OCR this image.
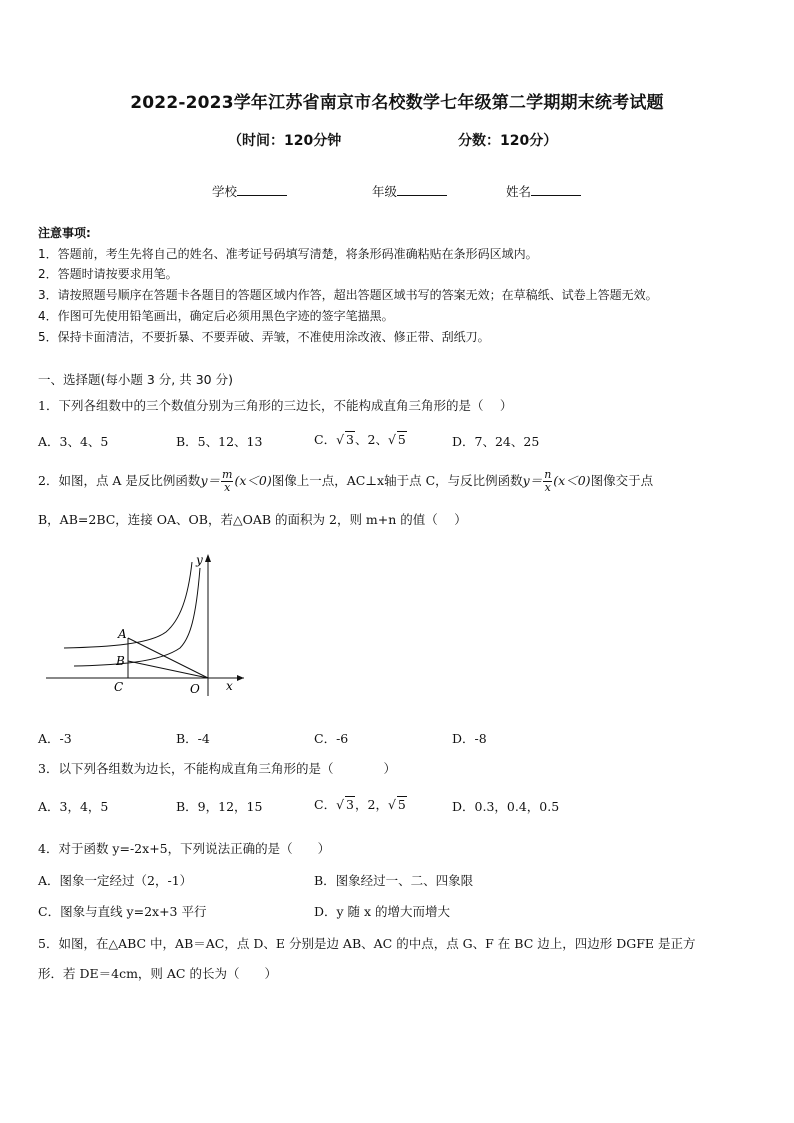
2022-2023学年江苏省南京市名校数学七年级第二学期期末统考试题
（时间：120分钟	分数：120分）
学校	年级	姓名
注意事项:
1．答题前，考生先将自己的姓名、准考证号码填写清楚，将条形码准确粘贴在条形码区域内。
2．答题时请按要求用笔。
3．请按照题号顺序在答题卡各题目的答题区域内作答，超出答题区域书写的答案无效；在草稿纸、试卷上答题无效。
4．作图可先使用铅笔画出，确定后必须用黑色字迹的签字笔描黑。
5．保持卡面清洁，不要折暴、不要弄破、弄皱，不准使用涂改液、修正带、刮纸刀。
一、选择题(每小题 3 分, 共 30 分)
1．下列各组数中的三个数值分别为三角形的三边长，不能构成直角三角形的是（　 ）
A．3、4、5	B．5、12、13	C．√ 3、2、√ 5	D．7、24、25
2．如图，点 A 是反比例函数$y= \frac{m}{x} (x<0)$图像上一点，AC⊥x轴于点 C，与反比例函数$y= \frac{n}{x} (x<0)$图像交于点
B，AB=2BC，连接 OA、OB，若△OAB 的面积为 2，则 m+n 的值（　 ）
A
B
C	O x
y
A．-3	B．-4	C．-6	D．-8
3．以下列各组数为边长，不能构成直角三角形的是（　　　　）
A．3，4，5	B．9，12，15	C．√ 3，2，√ 5	D．0.3，0.4，0.5
4．对于函数 y=-2x+5，下列说法正确的是（　　）
A．图象一定经过（2，-1）	B．图象经过一、二、四象限
C．图象与直线 y=2x+3 平行	D．y 随 x 的增大而增大
5．如图，在△ABC 中，AB＝AC，点 D、E 分别是边 AB、AC 的中点，点 G、F 在 BC 边上，四边形 DGFE 是正方
形．若 DE＝4cm，则 AC 的长为（　　）
